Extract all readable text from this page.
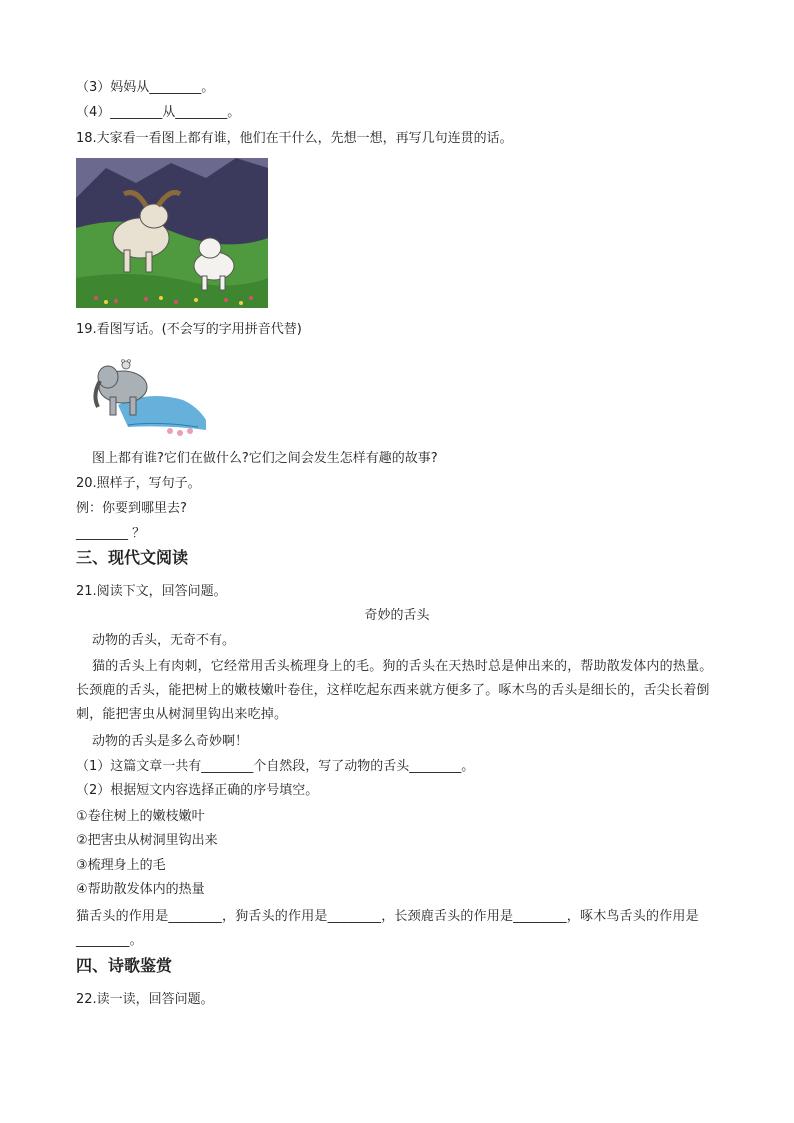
（3）妈妈从________。
（4）________从________。
18.大家看一看图上都有谁，他们在干什么，先想一想，再写几句连贯的话。
19.看图写话。(不会写的字用拼音代替)
图上都有谁?它们在做什么?它们之间会发生怎样有趣的故事?
20.照样子，写句子。
例：你要到哪里去?
________ ？
三、现代文阅读
21.阅读下文，回答问题。
奇妙的舌头
动物的舌头，无奇不有。
猫的舌头上有肉刺，它经常用舌头梳理身上的毛。狗的舌头在天热时总是伸出来的，帮助散发体内的热量。长颈鹿的舌头，能把树上的嫩枝嫩叶卷住，这样吃起东西来就方便多了。啄木鸟的舌头是细长的，舌尖长着倒刺，能把害虫从树洞里钩出来吃掉。
动物的舌头是多么奇妙啊！
（1）这篇文章一共有________个自然段，写了动物的舌头________。
（2）根据短文内容选择正确的序号填空。
①卷住树上的嫩枝嫩叶
②把害虫从树洞里钩出来
③梳理身上的毛
④帮助散发体内的热量
猫舌头的作用是________，狗舌头的作用是________，长颈鹿舌头的作用是________，啄木鸟舌头的作用是________。
四、诗歌鉴赏
22.读一读，回答问题。
